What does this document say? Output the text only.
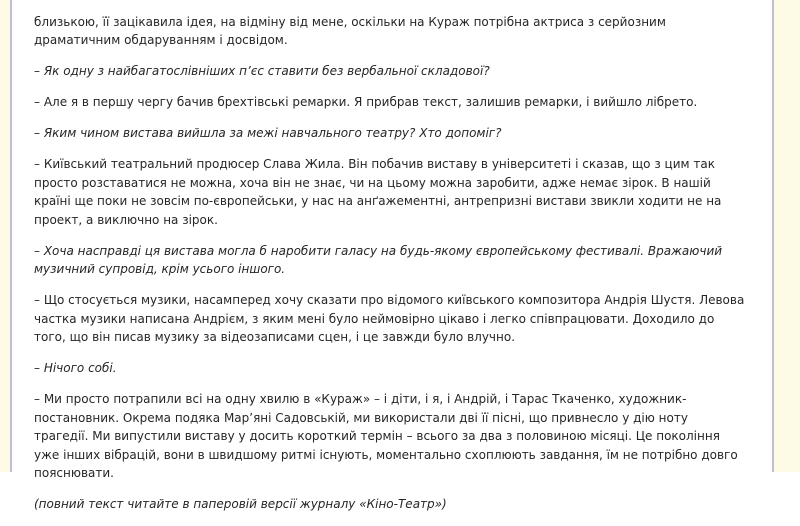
близькою, її зацікавила ідея, на відміну від мене, оскільки на Кураж потрібна актриса з серйозним
драматичним обдаруванням і досвідом.

– Як одну з найбагатослівніших п’єс ставити без вербальної складової?

– Але я в першу чергу бачив брехтівські ремарки. Я прибрав текст, залишив ремарки, і вийшло лібрето.

– Яким чином вистава вийшла за межі навчального театру? Хто допоміг?

– Київський театральний продюсер Слава Жила. Він побачив виставу в університеті і сказав, що з цим так
просто розставатися не можна, хоча він не знає, чи на цьому можна заробити, адже немає зірок. В нашій
країні ще поки не зовсім по-європейськи, у нас на анґажементні, антрепризні вистави звикли ходити не на
проект, а виключно на зірок.

– Хоча насправді ця вистава могла б наробити галасу на будь-якому європейському фестивалі. Вражаючий
музичний супровід, крім усього іншого.

– Що стосується музики, насамперед хочу сказати про відомого київського композитора Андрія Шустя. Левова
частка музики написана Андрієм, з яким мені було неймовірно цікаво і легко співпрацювати. Доходило до
того, що він писав музику за відеозаписами сцен, і це завжди було влучно.

– Нічого собі.

– Ми просто потрапили всі на одну хвилю в «Кураж» – і діти, і я, і Андрій, і Тарас Ткаченко, художник-
постановник. Окрема подяка Мар’яні Садовській, ми використали дві її пісні, що привнесло у дію ноту
трагедії. Ми випустили виставу у досить короткий термін – всього за два з половиною місяці. Це покоління
уже інших вібрацій, вони в швидшому ритмі існують, моментально схоплюють завдання, їм не потрібно довго
пояснювати.

(повний текст читайте в паперовій версії журналу «Кіно-Театр»)
